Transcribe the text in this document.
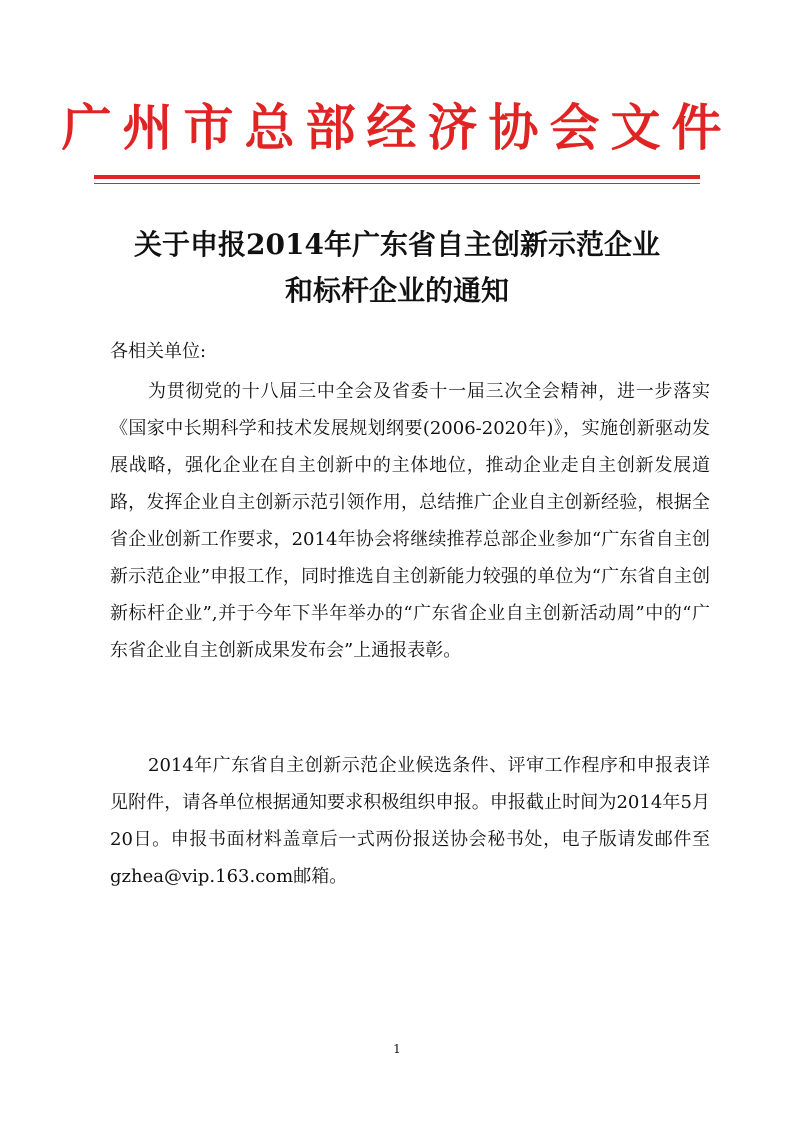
广州市总部经济协会文件
关于申报2014年广东省自主创新示范企业
和标杆企业的通知
各相关单位:

为贯彻党的十八届三中全会及省委十一届三次全会精神，进一步落实《国家中长期科学和技术发展规划纲要(2006-2020年)》，实施创新驱动发展战略，强化企业在自主创新中的主体地位，推动企业走自主创新发展道路，发挥企业自主创新示范引领作用，总结推广企业自主创新经验，根据全省企业创新工作要求，2014年协会将继续推荐总部企业参加“广东省自主创新示范企业”申报工作，同时推选自主创新能力较强的单位为“广东省自主创新标杆企业”,并于今年下半年举办的“广东省企业自主创新活动周”中的“广东省企业自主创新成果发布会”上通报表彰。

2014年广东省自主创新示范企业候选条件、评审工作程序和申报表详见附件，请各单位根据通知要求积极组织申报。申报截止时间为2014年5月20日。申报书面材料盖章后一式两份报送协会秘书处，电子版请发邮件至gzhea@vip.163.com邮箱。

1
